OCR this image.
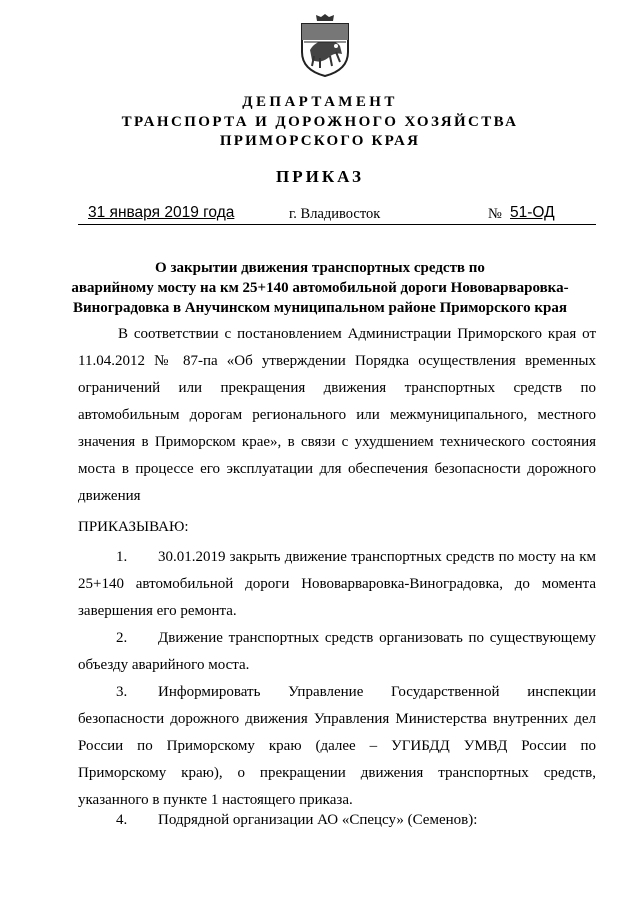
ДЕПАРТАМЕНТ
ТРАНСПОРТА И ДОРОЖНОГО ХОЗЯЙСТВА
ПРИМОРСКОГО КРАЯ
ПРИКАЗ
31 января 2019 года	г. Владивосток	№ 51-ОД
О закрытии движения транспортных средств по
аварийному мосту на км 25+140 автомобильной дороги Нововарваровка-
Виноградовка в Анучинском муниципальном районе Приморского края

В соответствии с постановлением Администрации Приморского края от 11.04.2012 № 87-па «Об утверждении Порядка осуществления временных ограничений или прекращения движения транспортных средств по автомобильным дорогам регионального или межмуниципального, местного значения в Приморском крае», в связи с ухудшением технического состояния моста в процессе его эксплуатации для обеспечения безопасности дорожного движения

ПРИКАЗЫВАЮ:

1. 30.01.2019 закрыть движение транспортных средств по мосту на км 25+140 автомобильной дороги Нововарваровка-Виноградовка, до момента завершения его ремонта.

2. Движение транспортных средств организовать по существующему объезду аварийного моста.

3. Информировать Управление Государственной инспекции безопасности дорожного движения Управления Министерства внутренних дел России по Приморскому краю (далее – УГИБДД УМВД России по Приморскому краю), о прекращении движения транспортных средств, указанного в пункте 1 настоящего приказа.

4. Подрядной организации АО «Спецсу» (Семенов):
